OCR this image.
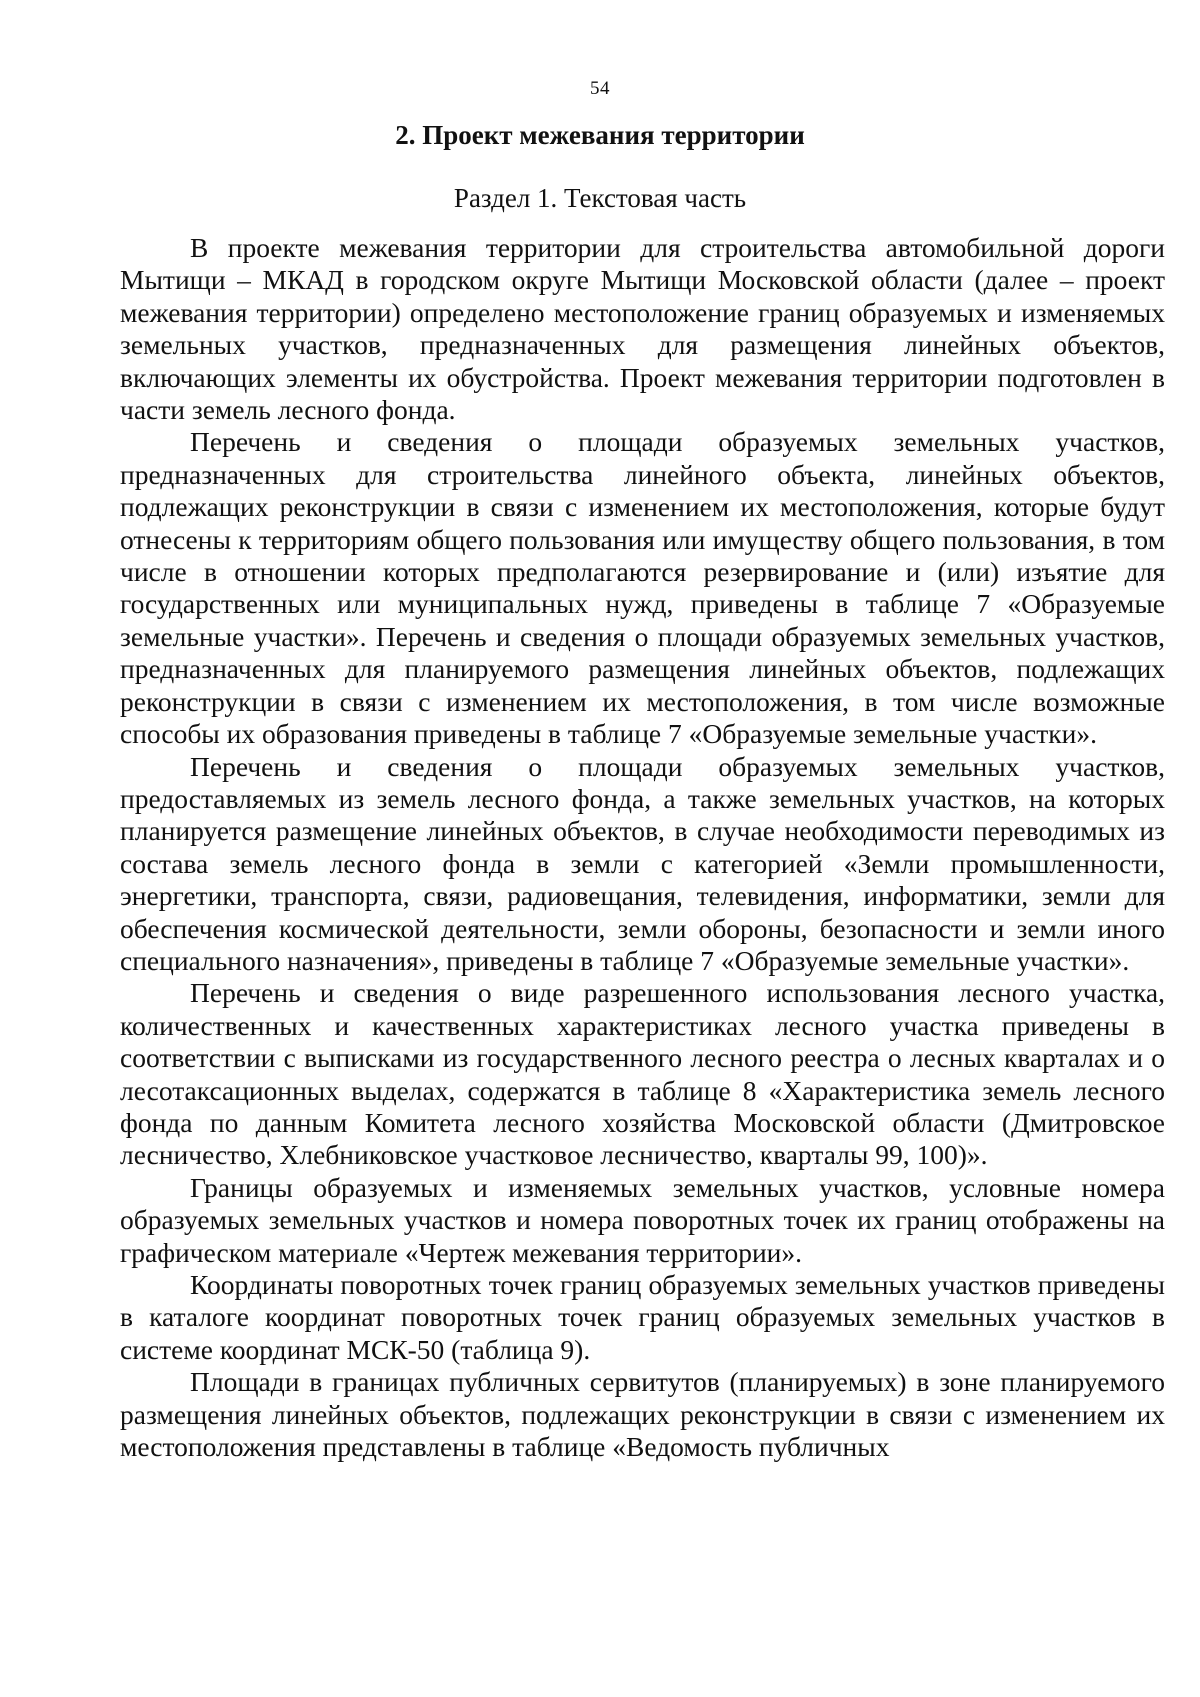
54
2. Проект межевания территории
Раздел 1. Текстовая часть

В проекте межевания территории для строительства автомобильной дороги Мытищи – МКАД в городском округе Мытищи Московской области (далее – проект межевания территории) определено местоположение границ образуемых и изменяемых земельных участков, предназначенных для размещения линейных объектов, включающих элементы их обустройства. Проект межевания территории подготовлен в части земель лесного фонда.

Перечень и сведения о площади образуемых земельных участков, предназначенных для строительства линейного объекта, линейных объектов, подлежащих реконструкции в связи с изменением их местоположения, которые будут отнесены к территориям общего пользования или имуществу общего пользования, в том числе в отношении которых предполагаются резервирование и (или) изъятие для государственных или муниципальных нужд, приведены в таблице 7 «Образуемые земельные участки». Перечень и сведения о площади образуемых земельных участков, предназначенных для планируемого размещения линейных объектов, подлежащих реконструкции в связи с изменением их местоположения, в том числе возможные способы их образования приведены в таблице 7 «Образуемые земельные участки».

Перечень и сведения о площади образуемых земельных участков, предоставляемых из земель лесного фонда, а также земельных участков, на которых планируется размещение линейных объектов, в случае необходимости переводимых из состава земель лесного фонда в земли с категорией «Земли промышленности, энергетики, транспорта, связи, радиовещания, телевидения, информатики, земли для обеспечения космической деятельности, земли обороны, безопасности и земли иного специального назначения», приведены в таблице 7 «Образуемые земельные участки».

Перечень и сведения о виде разрешенного использования лесного участка, количественных и качественных характеристиках лесного участка приведены в соответствии с выписками из государственного лесного реестра о лесных кварталах и о лесотаксационных выделах, содержатся в таблице 8 «Характеристика земель лесного фонда по данным Комитета лесного хозяйства Московской области (Дмитровское лесничество, Хлебниковское участковое лесничество, кварталы 99, 100)».

Границы образуемых и изменяемых земельных участков, условные номера образуемых земельных участков и номера поворотных точек их границ отображены на графическом материале «Чертеж межевания территории».

Координаты поворотных точек границ образуемых земельных участков приведены в каталоге координат поворотных точек границ образуемых земельных участков в системе координат МСК-50 (таблица 9).

Площади в границах публичных сервитутов (планируемых) в зоне планируемого размещения линейных объектов, подлежащих реконструкции в связи с изменением их местоположения представлены в таблице «Ведомость публичных
